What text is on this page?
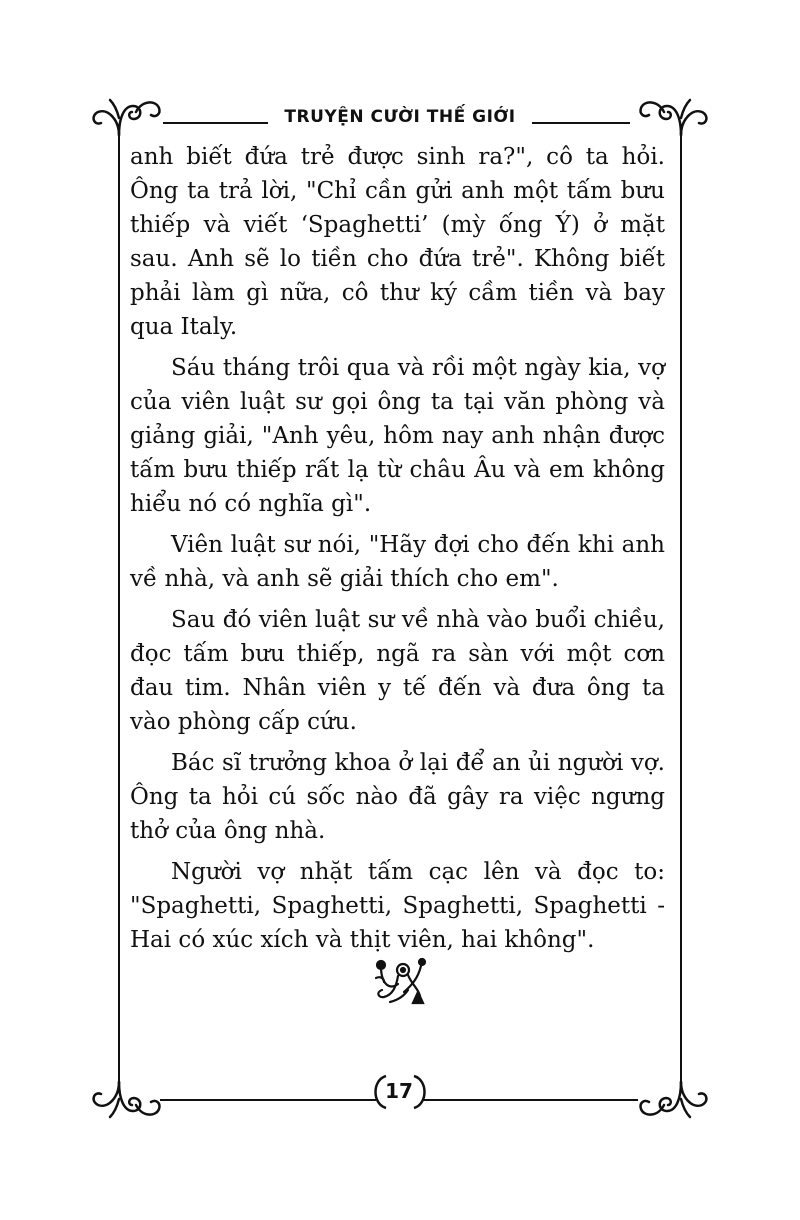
TRUYỆN CƯỜI THẾ GIỚI

anh biết đứa trẻ được sinh ra?", cô ta hỏi. Ông ta trả lời, "Chỉ cần gửi anh một tấm bưu thiếp và viết ‘Spaghetti’ (mỳ ống Ý) ở mặt sau. Anh sẽ lo tiền cho đứa trẻ". Không biết phải làm gì nữa, cô thư ký cầm tiền và bay qua Italy.

Sáu tháng trôi qua và rồi một ngày kia, vợ của viên luật sư gọi ông ta tại văn phòng và giảng giải, "Anh yêu, hôm nay anh nhận được tấm bưu thiếp rất lạ từ châu Âu và em không hiểu nó có nghĩa gì".

Viên luật sư nói, "Hãy đợi cho đến khi anh về nhà, và anh sẽ giải thích cho em".

Sau đó viên luật sư về nhà vào buổi chiều, đọc tấm bưu thiếp, ngã ra sàn với một cơn đau tim. Nhân viên y tế đến và đưa ông ta vào phòng cấp cứu.

Bác sĩ trưởng khoa ở lại để an ủi người vợ. Ông ta hỏi cú sốc nào đã gây ra việc ngưng thở của ông nhà.

Người vợ nhặt tấm cạc lên và đọc to: "Spaghetti, Spaghetti, Spaghetti, Spaghetti - Hai có xúc xích và thịt viên, hai không".

17
